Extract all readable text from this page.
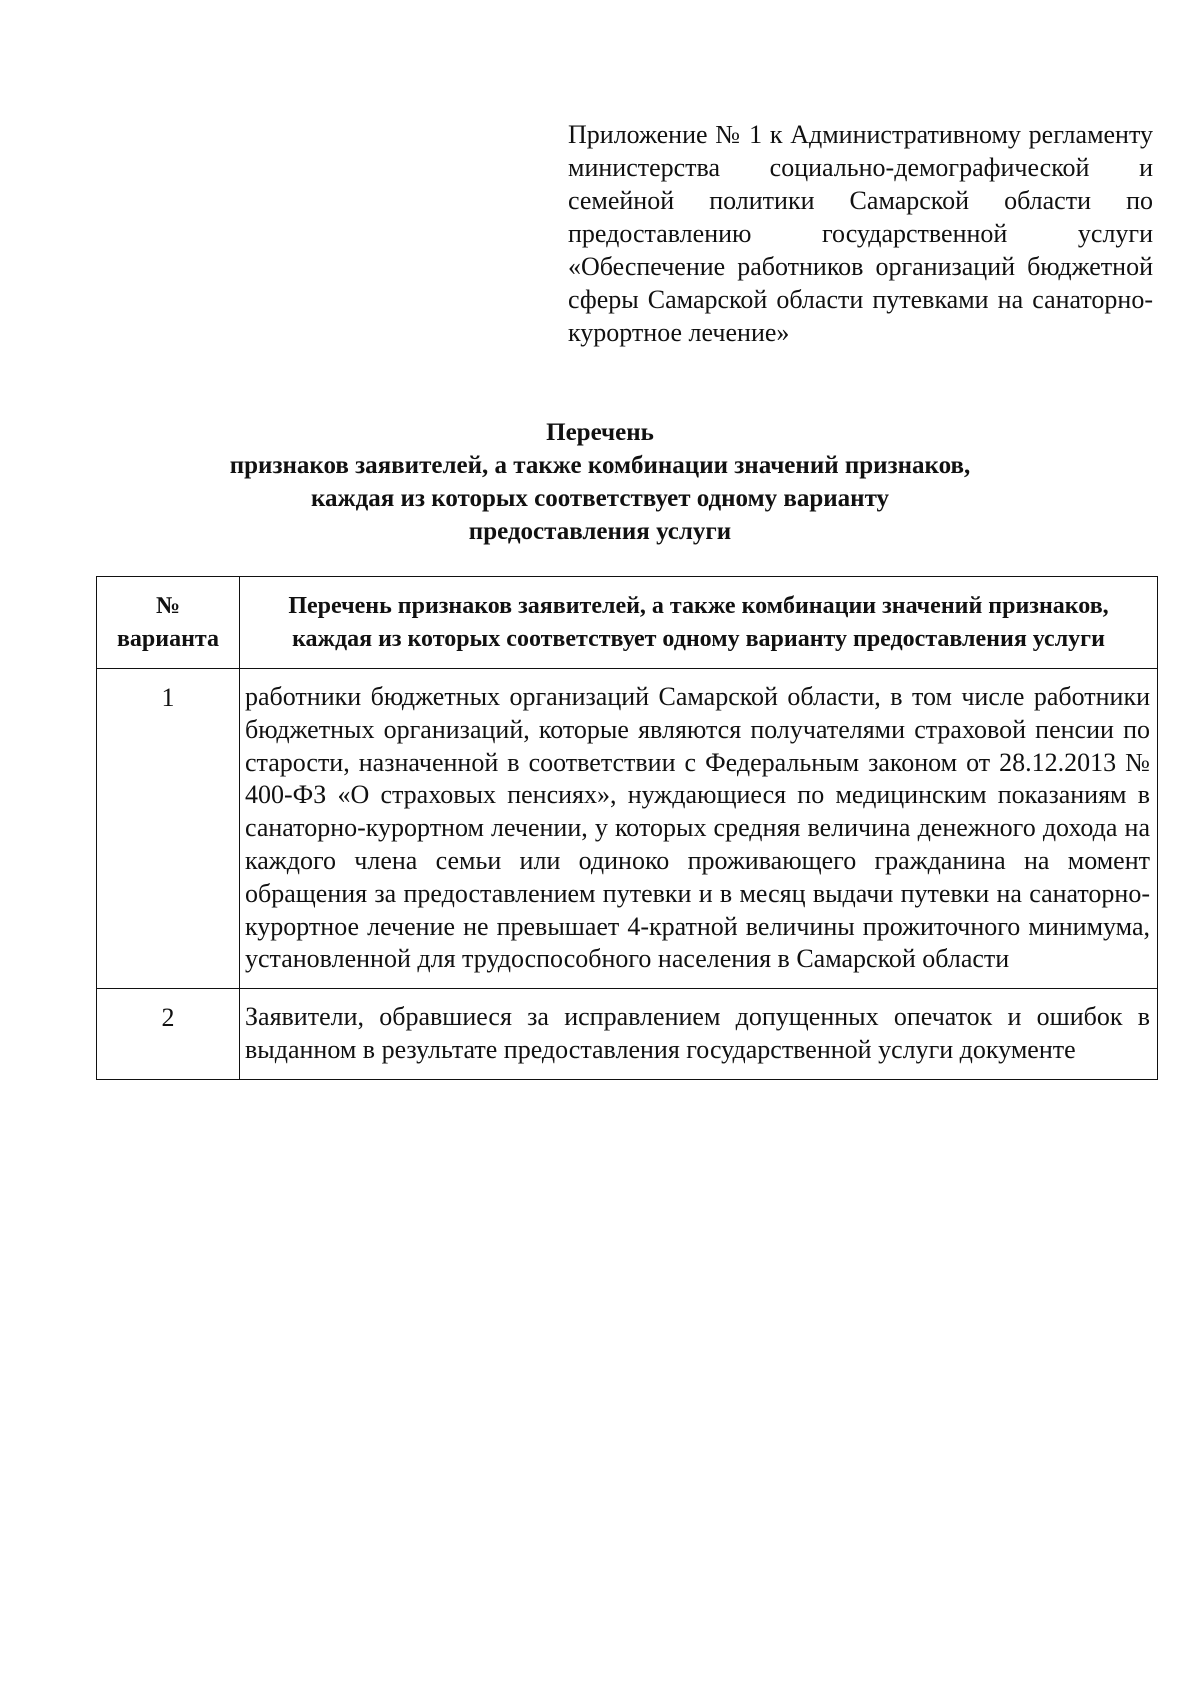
Приложение № 1 к Административному регламенту министерства социально-демографической и семейной политики Самарской области по предоставлению государственной услуги «Обеспечение работников организаций бюджетной сферы Самарской области путевками на санаторно-курортное лечение»
Перечень
признаков заявителей, а также комбинации значений признаков,
каждая из которых соответствует одному варианту
предоставления услуги
№
варианта	Перечень признаков заявителей, а также комбинации значений признаков, каждая из которых соответствует одному варианту предоставления услуги
1	работники бюджетных организаций Самарской области, в том числе работники бюджетных организаций, которые являются получателями страховой пенсии по старости, назначенной в соответствии с Федеральным законом от 28.12.2013 № 400-ФЗ «О страховых пенсиях», нуждающиеся по медицинским показаниям в санаторно-курортном лечении, у которых средняя величина денежного дохода на каждого члена семьи или одиноко проживающего гражданина на момент обращения за предоставлением путевки и в месяц выдачи путевки на санаторно-курортное лечение не превышает 4-кратной величины прожиточного минимума, установленной для трудоспособного населения в Самарской области
2	Заявители, обравшиеся за исправлением допущенных опечаток и ошибок в выданном в результате предоставления государственной услуги документе
